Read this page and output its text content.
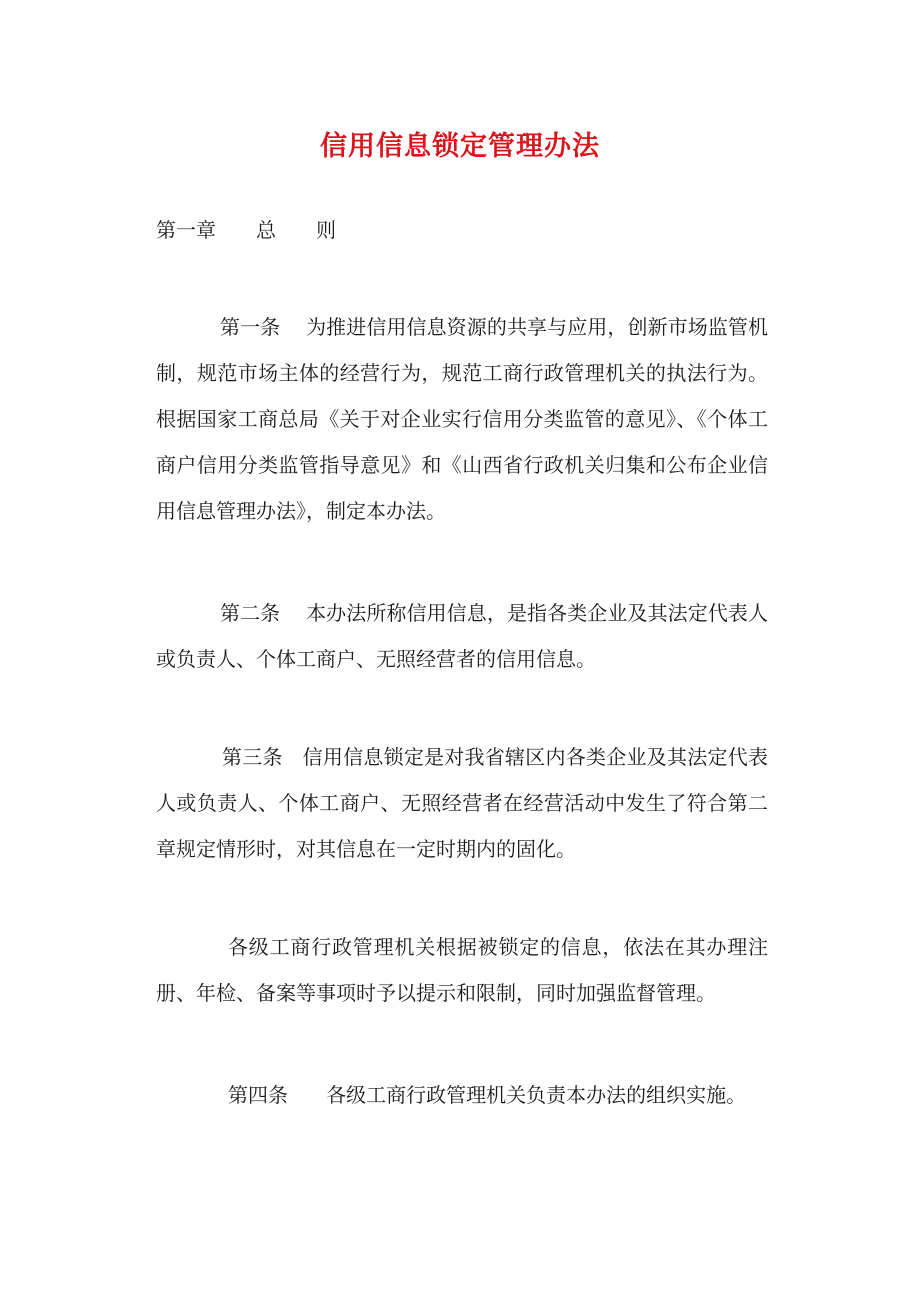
信用信息锁定管理办法
第一章　　总　　则
第一条 为推进信用信息资源的共享与应用，创新市场监管机制，规范市场主体的经营行为，规范工商行政管理机关的执法行为。根据国家工商总局《关于对企业实行信用分类监管的意见》、《个体工商户信用分类监管指导意见》和《山西省行政机关归集和公布企业信用信息管理办法》，制定本办法。
第二条 本办法所称信用信息，是指各类企业及其法定代表人或负责人、个体工商户、无照经营者的信用信息。
第三条 信用信息锁定是对我省辖区内各类企业及其法定代表人或负责人、个体工商户、无照经营者在经营活动中发生了符合第二章规定情形时，对其信息在一定时期内的固化。
各级工商行政管理机关根据被锁定的信息，依法在其办理注册、年检、备案等事项时予以提示和限制，同时加强监督管理。
第四条 各级工商行政管理机关负责本办法的组织实施。
